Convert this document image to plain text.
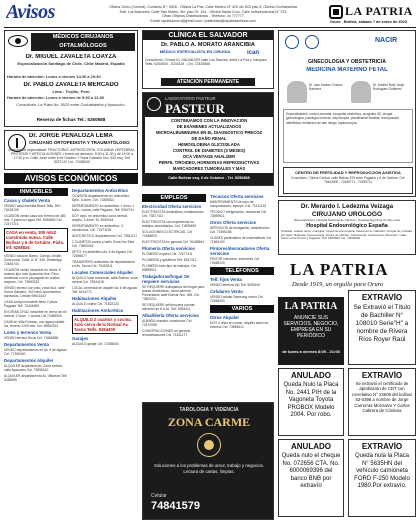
Avisos	Oficina Oruro (Central): Contacto N°: 5526 - Oficina La Paz: Calle Mexico N° 420 ofc 503 piso 5. Oficina Cochabamba
Edif. Los Balcones: Calle San Martin, 3er. piso Of. 104 - Oficina Santa Cruz: Calle Independencia N° 375
Otras Oficinas Distribuidoras - Teléfono: 44 777777
Email: lapatriaoruro@gmail.com / publicidad@lapatriaenlinea.com
LA PATRIA
Oruro - Bolivia, sábado 7 de enero de 2023
MÉDICOS CIRUJANOS OFTALMÓLOGOS
Dr. MIGUEL ZAVALETA LOAYZA
Especialización Santiago de Chile, Chile Madrid, España
Horario de atención: Lunes a viernes 14:30 a 20:30
Dr. PABLO ZAVALETA MERCADO
Lima - Trujillo, Perú
Horario de atención: Lunes a viernes de 9:00 a 12:00
Consultorio: La Plata No. 5020 entre Cochabamba y Ayacucho.
Reserva de fichas Tel.: 5260688
Dr. JORGE PEÑALOZA LEMA
CIRUJANO ORTOPEDISTA Y TRAUMATÓLOGO
Atención de especialidad: FRACTURAS, ARTROSCOPIA, COLUMNA VERTEBRAL, PROTESIS Y ARTICULACIONES. Horario de atención: 8:00 a 11:30 y de 14:00 a 17:30 p.m. Calle Junin entre 6 de Octubre Y Soria Galvarro Nro. 632 esq. Telf. 5257120 Cel. 72455000
AVISOS ECONÓMICOS
INMUEBLES
Casas y chalets Venta
VENDO casa Avenida Brasil Telfs. 591-76135199
OCASIÓN vendo casa con terreno de 380 mts. 2 pisos luz agua Telf. 5264860 Cel. 72477211
CASA en venta, 300 mts2 construida nueva. Calle Bolívar y 6 de Octubre. Pista. Inf. 5258834
VENDO casa en Barrio, Campo Jordán Zona norte. Calle 12 N° 445. WhatsApp 72484744
OCASIÓN vendo inmueble en venta, 5 cuartos tipo Ivan Ayacucho Ave. Perú, amoblado con lo ya pagado en costos mejores. Cel. 73800233
VENDO terreno con piso, zona Sud, calle Sorria Galvarro, 400 mts2 documentos saneados. Celular 69611443
CASA compo inmueble tiene 2 pisos Pagador Telf. 72444455
EN GRAN CRUZ inmueble en venta de mil metros. 2 dorm. 1 cocina Cel 72489900
CASA en Villa Foiseau, con agua potable, luz, terreno 1200 mts. Cel. 69654321
Lotes y terrenos Venta
VENDO terreno Rural Cel. 71866555
Departamentos Venta
VENDO departamentos en Av. 6 de Agosto Cel. 77155440
Departamentos Alquiler
ALQUILER departamento. Zona central, calle Ayacucho Cel. 73855442
ALQUILER departamento Av. Villarroel Telf. 5246699
Departamentos Anticrético
OCASIÓN departamento en anticrético, Dpto. 3 dorm. Cel. 71865522
DEPARTAMENTO en anticrético 1 dorm. 1 baño, cocina, calle Pagador. Telf. 5262741
DOY dpto. en anticrético zona central, amplio, 3 dorm. Sr. 5250044
DEPARTAMENTO en anticrético. 3 dormitorios. Cel. 72471155
ANTICRETICO departamento Cel. 73811117
2 CUARTOS cocina y baño Zona Nor Este. Cel. 73800044
DPTO. en anticrético Av. 6 de Agosto Cel. 72456677
TRANSFIERO anticrético de departamento en Av. Tacna Cel. 75422811
Locales Comerciales Alquiler
ALQUILO local comercial, calle Bolívar, zona central Cel. 73844100
LOCAL comercial en alquiler Av. 6 de Agosto Telf. 5244771
Habitaciones Alquiler
ALQUILO cuarto Cel. 71822133
Habitaciones Anticrético
ALQUILO 2 cuartos y cocina. Solo cerca de la Normal Av. Tacna Telfs. 5264400
Garajes
ALQUILO garaje Cel. 72455600
EMPLEOS
Electricidad Oferta servicios
ELECTRICISTA domiciliario, instalaciones. Cel. 73877411
ELECTRICISTA con experiencia en trabajos domiciliarios. Cel. 71899455
SOLUCIONES ELÉCTRICAS. Cel. 72488833
ELECTRICISTA en general Cel. 76188844
Plomería Oferta servicios
PLOMERO experto Cel. 72477411
PLOMERÍA y gasfitería Telf. 5267411
PLOMERO todo tipo de trabajos. Cel. 69599511
Trabajadoras/hogar Se requiere servicios
SE REQUIERE trabajadora del hogar para tareas domésticas, cama adentro. Presentarse calle Bolívar Nro. 455. Cel. 73822211
SE REQUIERE señora para cocinar, atención de 8 a 16. Telf. 5254411
Albañilería Oferta servicios
ALBAÑIL maestro constructor Cel. 72470055
CONSTRUCCIONES en general, remodelaciones Cel. 71811177
Técnicos Oferta servicios
MANTENIMIENTO técnico de computadoras, laptops. Cel. 72411133
TÉCNICO refrigeración, lavadoras Cel. 73899911
Otros Oferta servicios
SERVICIOS de fumigación, desinfección Cel. 72455188
CLASES particulares de matemáticas Cel. 71866100
Pintores/decoradores Oferta servicios
PINTOR interiores, exteriores Cel. 72488100
TELÉFONOS
Telf. fijos Venta
VENDO teléfono fijo Telf. 5255100
Celulares Venta
VENDO celular Samsung nuevo Cel. 72455000
VARIOS
Otros Alquiler
DOY 4 años en comer, alquiler salón de eventos Cel. 73855112
CLÍNICA EL SALVADOR
Dr. PABLO A. MORATO ARANCIBIA
MÉDICO ESPECIALISTA EN CIRUGÍA	ican
Consultorio: Clínica EL SALVADOR calle Los Sauces, entre La Paz y Vásquez. Telfs. 5254800 - 5234115 - Cel. 72435566
ATENCIÓN PERMANENTE
LABORATORIO PASTEUR
PASTEUR
CONTINUAMOS CON LA INNOVACIÓN
DE EXÁMENES ACTUALIZADOS
MICROALBUMINURIA EN EL DIAGNÓSTICO PRECOZ
DE DAÑO RENAL
HEMOGLOBINA GLICOSILADA
CONTROL DE DIABETES (3 MESES)
OCA VENTAGE ANALIZER
PERFIL TIROIDEO, HORMONAS REPRODUCTIVAS
MARCADORES TUMORALES Y MÁS
Calle Bolívar esq. 6 de Octubre - Tel. 5250808
NACIR
GINECOLOGÍA Y OBSTETRICIA
MEDICINA MATERNO FETAL
Dr. Ivan Andres Chavez Ramírez
Dr. Andres Noel Jorge Rodríguez Gutiérrez
Especialidades: control prenatal, ecografía obstétrica, ecografía 4D, cirugía ginecológica, patología cervical, colposcopía, planificación familiar, menopausia, infertilidad, embarazo de alto riesgo, laparoscopía.
CENTRO DE FERTILIDAD Y REPRODUCCIÓN ASISTIDA
Consultorio: Clínica Central, calle Bolívar 578 entre Pagador y 6 de Octubre. Cel: 75444000 - 72455771 - 72455711
Dr. Merardo I. Ledezma Veizaga
CIRUJANO UROLÓGO
Especialización: Hospital Nacional de Clínicas - Hospital Argentina de San Juan
Hospital Endourológico España
Próstata, Litiasis renal, urológica, incontinencia urinaria, Vasectomía, Cálculos, Cirugía de próstata por laser, Biopsias, Uretroscopia, Fisura de esfínter, Cistoscopia, Uretrotomía. Dirección: Calle Sucre entre Potosí y Pagador, Telf. 5266500 Cel. 71846000
LA PATRIA
Desde 1919, un orgullo para Oruro
LA PATRIA
ANUNCIE SUS SERVICIOS, NEGOCIO, EMPRESA EN SU PERIÓDICO
de lunes a viernes 8:00 - 21:00
EXTRAVÍO
Se Extravió el Título de Bachiller N° 108010 Serie"H" a nombre de Rivera Ríos Royer Raúl
ANULADO
Queda Nulo la Placa No. 2441 PIH de la Vagoneta Toyota PROBOX Modelo 2004. Por robo.
EXTRAVÍO
Se extravió el certificado de aprobación de CDT con correlativo N° 23606 del bolívar 52-0398 a nombre de Jorge Carrerras Monzalvo Y Carlos Cabrera de Córdova
ANULADO
Queda nulo el cheque No. 072656 CTA. No. 6000069396 del banco BNB por extravío
EXTRAVÍO
Queda nula la Placa N° 5635HN del vehículo camioneta FORD F-250 Modelo 1980.Por extravío.
TAROLOGÍA Y VIDENCIA
ZONA CARME
Soluciones a los problemas de amor, trabajo y negocios. Lectura de cartas, limpias.
Celular
74841579
